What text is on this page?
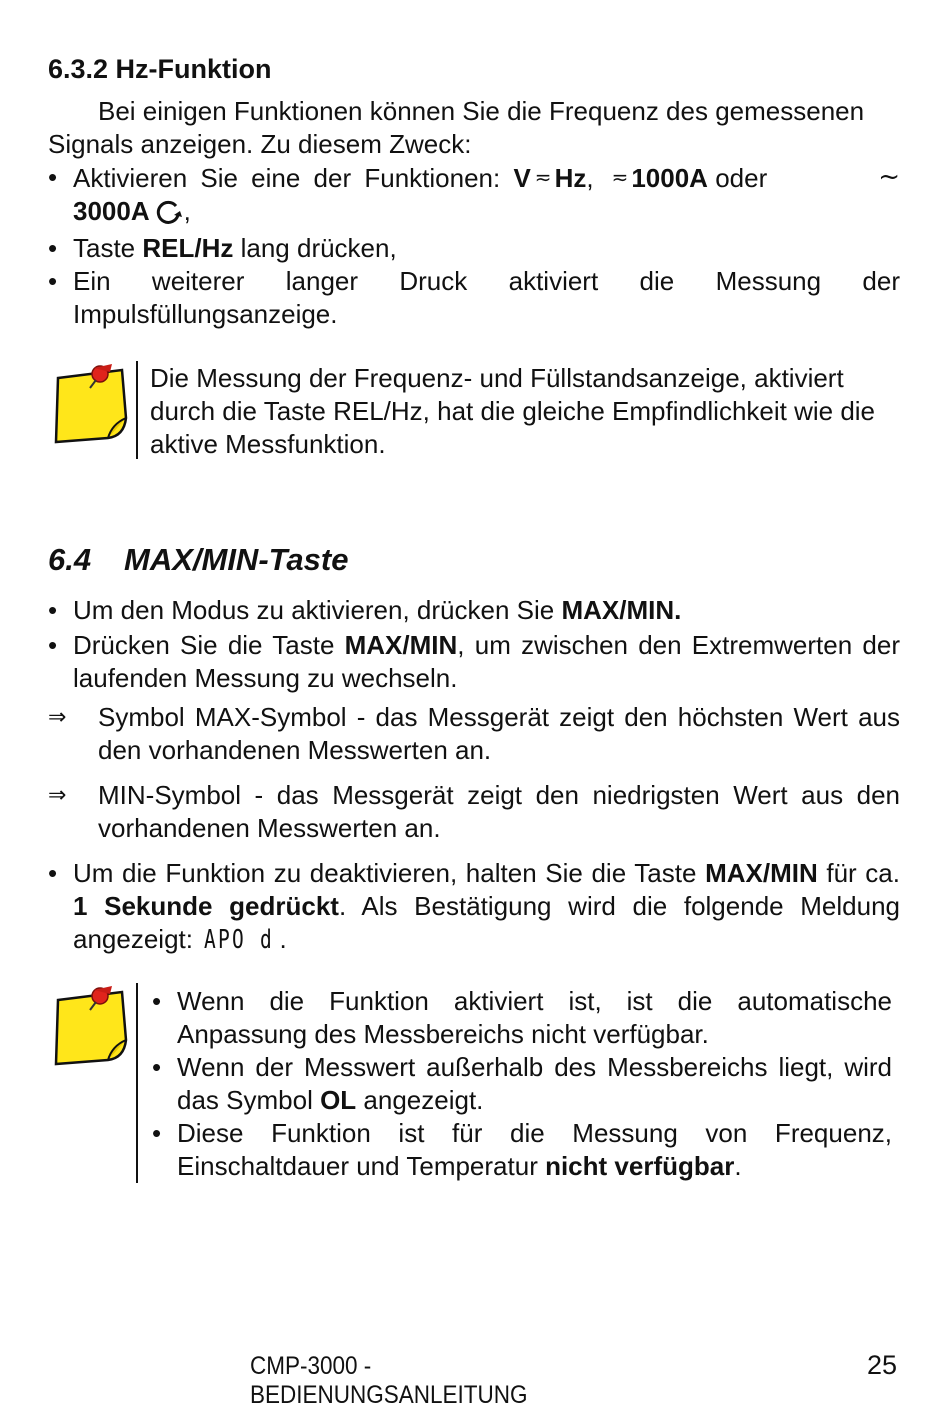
6.3.2 Hz-Funktion

Bei einigen Funktionen können Sie die Frequenz des gemessenen Signals anzeigen. Zu diesem Zweck:

• Aktivieren Sie eine der Funktionen: V ≂ Hz, ≂ 1000A oder	~

3000A ,
• Taste REL/Hz lang drücken,
• Ein weiterer langer Druck aktiviert die Messung der Impulsfüllungsanzeige.
Die Messung der Frequenz- und Füllstandsanzeige, aktiviert durch die Taste REL/Hz, hat die gleiche Empfindlichkeit wie die aktive Messfunktion.
6.4 MAX/MIN-Taste
• Um den Modus zu aktivieren, drücken Sie MAX/MIN.
• Drücken Sie die Taste MAX/MIN, um zwischen den Extremwerten der laufenden Messung zu wechseln.
⇒ Symbol MAX-Symbol - das Messgerät zeigt den höchsten Wert aus den vorhandenen Messwerten an.
⇒ MIN-Symbol - das Messgerät zeigt den niedrigsten Wert aus den vorhandenen Messwerten an.
• Um die Funktion zu deaktivieren, halten Sie die Taste MAX/MIN für ca. 1 Sekunde gedrückt. Als Bestätigung wird die folgende Meldung angezeigt: APO d .
• Wenn die Funktion aktiviert ist, ist die automatische Anpassung des Messbereichs nicht verfügbar.
• Wenn der Messwert außerhalb des Messbereichs liegt, wird das Symbol OL angezeigt.
• Diese Funktion ist für die Messung von Frequenz, Einschaltdauer und Temperatur nicht verfügbar.
CMP-3000 - BEDIENUNGSANLEITUNG
25
